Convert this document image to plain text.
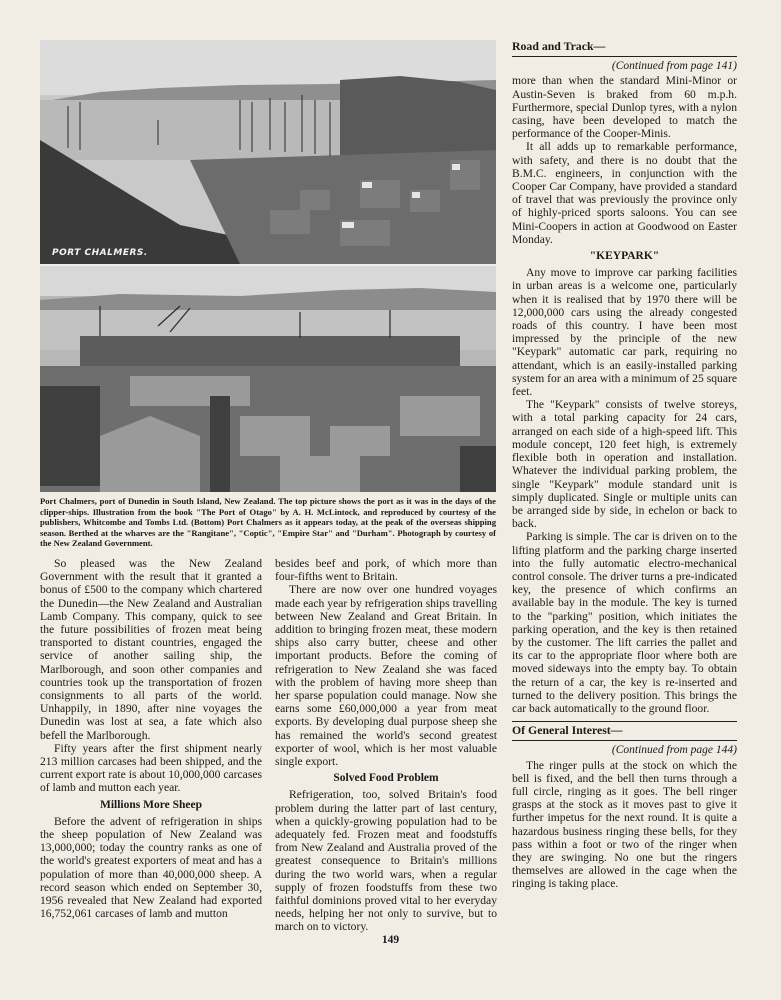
PORT CHALMERS.

Port Chalmers, port of Dunedin in South Island, New Zealand. The top picture shows the port as it was in the days of the clipper-ships. Illustration from the book "The Port of Otago" by A. H. McLintock, and reproduced by courtesy of the publishers, Whitcombe and Tombs Ltd. (Bottom) Port Chalmers as it appears today, at the peak of the overseas shipping season. Berthed at the wharves are the "Rangitane", "Coptic", "Empire Star" and "Durham". Photograph by courtesy of the New Zealand Government.

So pleased was the New Zealand Government with the result that it granted a bonus of £500 to the company which chartered the Dunedin—the New Zealand and Australian Lamb Company. This company, quick to see the future possibilities of frozen meat being transported to distant countries, engaged the service of another sailing ship, the Marlborough, and soon other companies and countries took up the transportation of frozen consignments to all parts of the world. Unhappily, in 1890, after nine voyages the Dunedin was lost at sea, a fate which also befell the Marlborough.

Fifty years after the first shipment nearly 213 million carcases had been shipped, and the current export rate is about 10,000,000 carcases of lamb and mutton each year.

Millions More Sheep

Before the advent of refrigeration in ships the sheep population of New Zealand was 13,000,000; today the country ranks as one of the world's greatest exporters of meat and has a population of more than 40,000,000 sheep. A record season which ended on September 30, 1956 revealed that New Zealand had exported 16,752,061 carcases of lamb and mutton

besides beef and pork, of which more than four-fifths went to Britain.

There are now over one hundred voyages made each year by refrigeration ships travelling between New Zealand and Great Britain. In addition to bringing frozen meat, these modern ships also carry butter, cheese and other important products. Before the coming of refrigeration to New Zealand she was faced with the problem of having more sheep than her sparse population could manage. Now she earns some £60,000,000 a year from meat exports. By developing dual purpose sheep she has remained the world's second greatest exporter of wool, which is her most valuable single export.

Solved Food Problem

Refrigeration, too, solved Britain's food problem during the latter part of last century, when a quickly-growing population had to be adequately fed. Frozen meat and foodstuffs from New Zealand and Australia proved of the greatest consequence to Britain's millions during the two world wars, when a regular supply of frozen foodstuffs from these two faithful dominions proved vital to her everyday needs, helping her not only to survive, but to march on to victory.

Road and Track—
(Continued from page 141)

more than when the standard Mini-Minor or Austin-Seven is braked from 60 m.p.h. Furthermore, special Dunlop tyres, with a nylon casing, have been developed to match the performance of the Cooper-Minis.

It all adds up to remarkable performance, with safety, and there is no doubt that the B.M.C. engineers, in conjunction with the Cooper Car Company, have provided a standard of travel that was previously the province only of highly-priced sports saloons. You can see Mini-Coopers in action at Goodwood on Easter Monday.

"KEYPARK"

Any move to improve car parking facilities in urban areas is a welcome one, particularly when it is realised that by 1970 there will be 12,000,000 cars using the already congested roads of this country. I have been most impressed by the principle of the new "Keypark" automatic car park, requiring no attendant, which is an easily-installed parking system for an area with a minimum of 25 square feet.

The "Keypark" consists of twelve storeys, with a total parking capacity for 24 cars, arranged on each side of a high-speed lift. This module concept, 120 feet high, is extremely flexible both in operation and installation. Whatever the individual parking problem, the single "Keypark" module standard unit is simply duplicated. Single or multiple units can be arranged side by side, in echelon or back to back.

Parking is simple. The car is driven on to the lifting platform and the parking charge inserted into the fully automatic electro-mechanical control console. The driver turns a pre-indicated key, the presence of which confirms an available bay in the module. The key is turned to the "parking" position, which initiates the parking operation, and the key is then retained by the customer. The lift carries the pallet and its car to the appropriate floor where both are moved sideways into the empty bay. To obtain the return of a car, the key is re-inserted and turned to the delivery position. This brings the car back automatically to the ground floor.

Of General Interest—
(Continued from page 144)

The ringer pulls at the stock on which the bell is fixed, and the bell then turns through a full circle, ringing as it goes. The bell ringer grasps at the stock as it moves past to give it further impetus for the next round. It is quite a hazardous business ringing these bells, for they pass within a foot or two of the ringer when they are swinging. No one but the ringers themselves are allowed in the cage when the ringing is taking place.

149
